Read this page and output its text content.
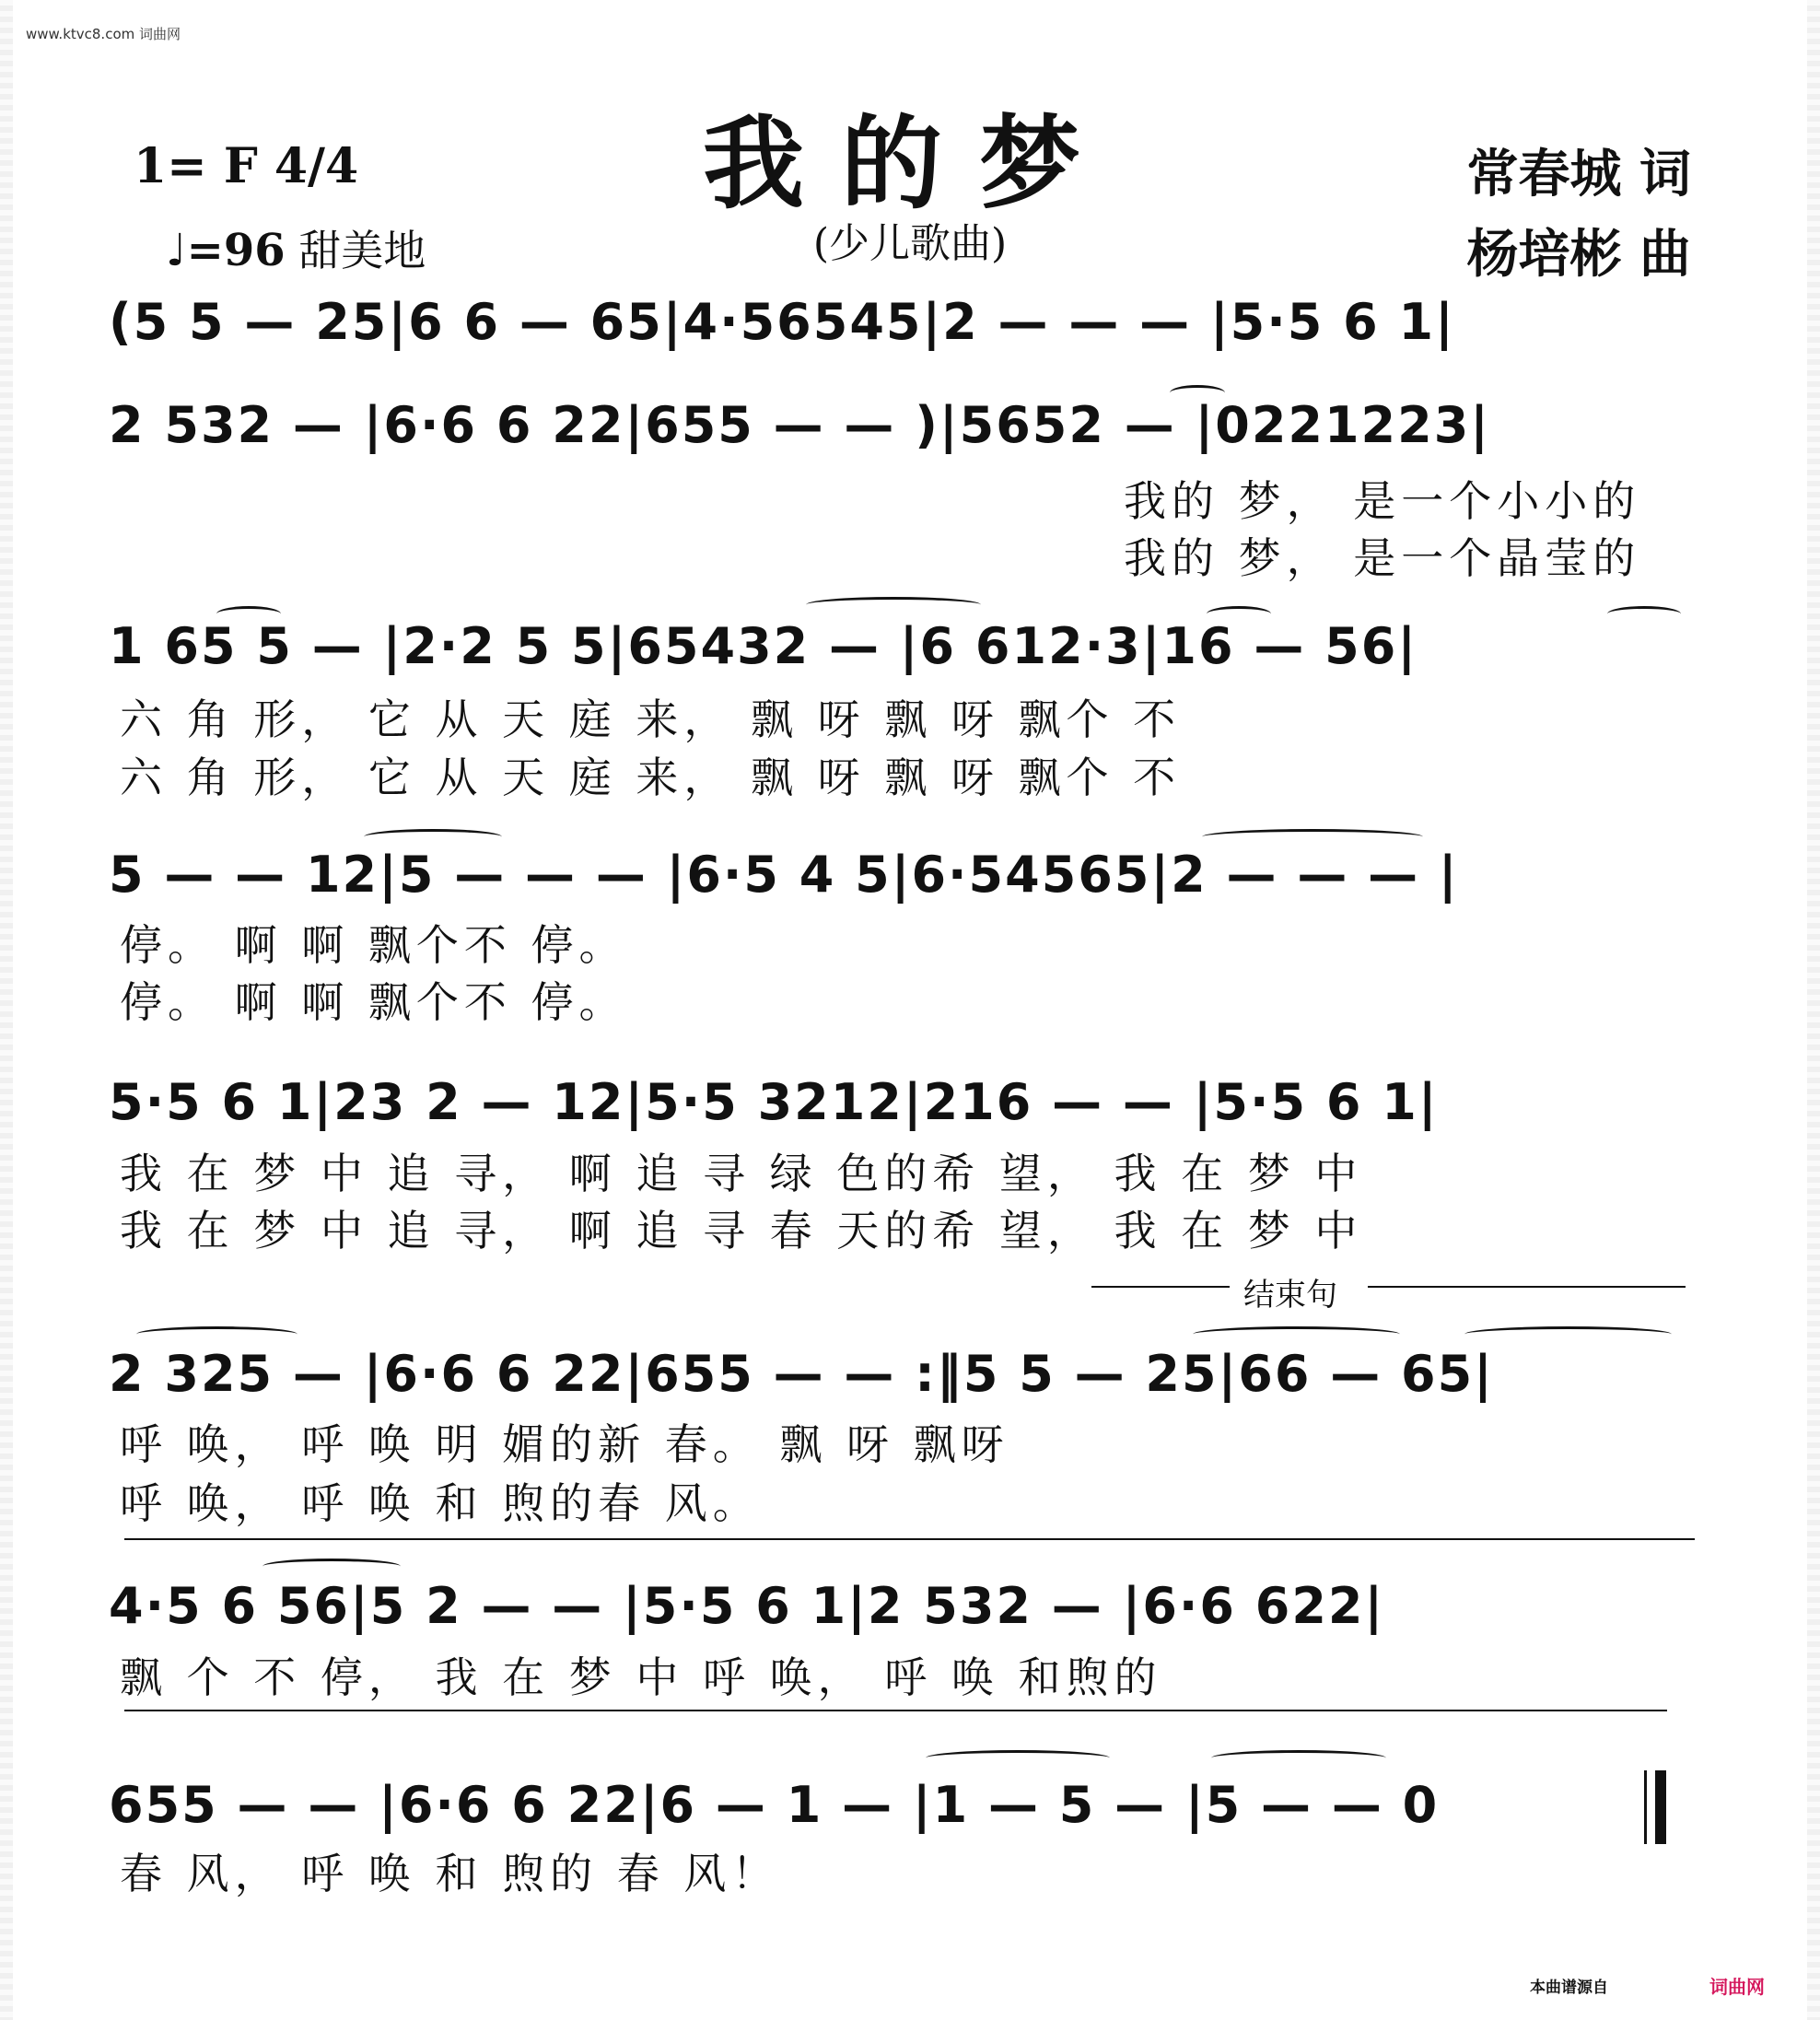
www.ktvc8.com 词曲网
我的梦
(少儿歌曲)
1= F 4/4
♩=96 甜美地
常春城 词
杨培彬 曲
(5 5 — 25|6 6 — 65|4·56545|2 — — — |5·5 6 1|
2 532 — |6·6 6 22|655 — — )|5652 — |0221223|
我的 梦， 是一个小小的
我的 梦， 是一个晶莹的
1 65 5 — |2·2 5 5|65432 — |6 612·3|16 — 56|
六 角 形， 它 从 天 庭 来， 飘 呀 飘 呀 飘个 不
六 角 形， 它 从 天 庭 来， 飘 呀 飘 呀 飘个 不
5 — — 12|5 — — — |6·5 4 5|6·54565|2 — — — |
停。 啊 啊 飘个不 停。
停。 啊 啊 飘个不 停。
5·5 6 1|23 2 — 12|5·5 3212|216 — — |5·5 6 1|
我 在 梦 中 追 寻， 啊 追 寻 绿 色的希 望， 我 在 梦 中
我 在 梦 中 追 寻， 啊 追 寻 春 天的希 望， 我 在 梦 中
结束句
2 325 — |6·6 6 22|655 — — :‖5 5 — 25|66 — 65|
呼 唤， 呼 唤 明 媚的新 春。 飘 呀 飘呀
呼 唤， 呼 唤 和 煦的春 风。
4·5 6 56|5 2 — — |5·5 6 1|2 532 — |6·6 622|
飘 个 不 停， 我 在 梦 中 呼 唤， 呼 唤 和煦的
655 — — |6·6 6 22|6 — 1 — |1 — 5 — |5 — — 0
春 风， 呼 唤 和 煦的 春 风！
本曲谱源自	词曲网
